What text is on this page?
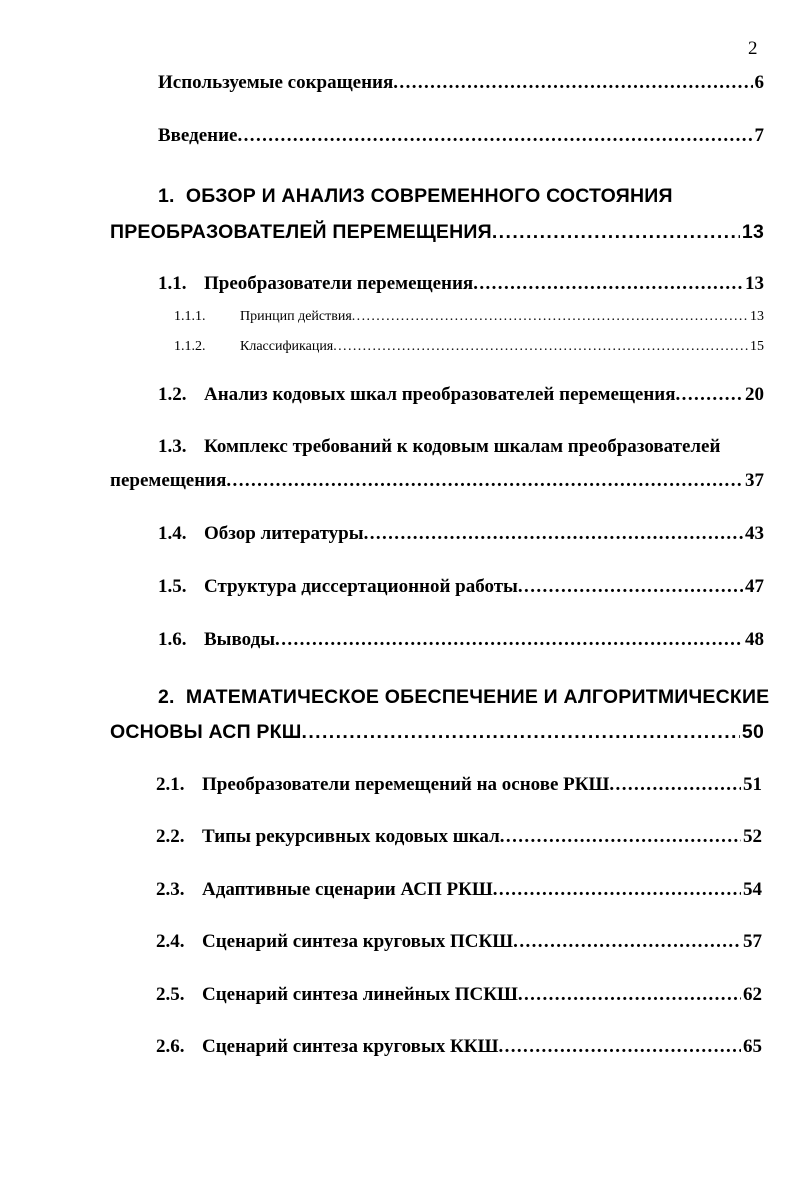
2
Используемые сокращения .....	6
Введение .....	7
1. ОБЗОР И АНАЛИЗ СОВРЕМЕННОГО СОСТОЯНИЯ
ПРЕОБРАЗОВАТЕЛЕЙ ПЕРЕМЕЩЕНИЯ .....	13
1.1. Преобразователи перемещения .....	13
1.1.1.	Принцип действия .....	13
1.1.2.	Классификация .....	15
1.2. Анализ кодовых шкал преобразователей перемещения .....	20
1.3. Комплекс требований к кодовым шкалам преобразователей
перемещения .....	37
1.4. Обзор литературы .....	43
1.5. Структура диссертационной работы .....	47
1.6. Выводы .....	48
2. МАТЕМАТИЧЕСКОЕ ОБЕСПЕЧЕНИЕ И АЛГОРИТМИЧЕСКИЕ
ОСНОВЫ АСП РКШ .....	50
2.1. Преобразователи перемещений на основе РКШ .....	51
2.2. Типы рекурсивных кодовых шкал .....	52
2.3. Адаптивные сценарии АСП РКШ .....	54
2.4. Сценарий синтеза круговых ПСКШ .....	57
2.5. Сценарий синтеза линейных ПСКШ .....	62
2.6. Сценарий синтеза круговых ККШ .....	65
